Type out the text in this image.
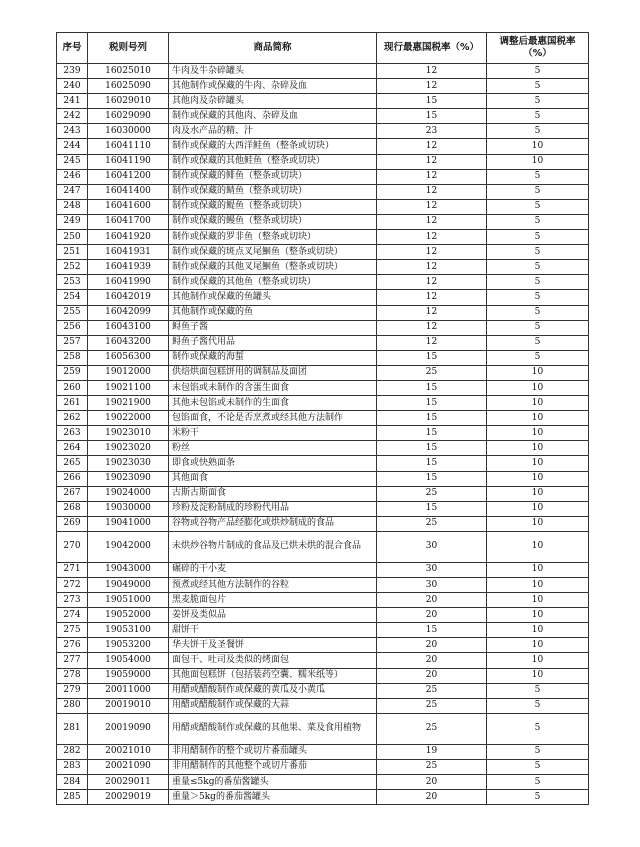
序号	税则号列	商品简称	现行最惠国税率（%）	调整后最惠国税率（%）
239	16025010	牛肉及牛杂碎罐头	12	5
240	16025090	其他制作或保藏的牛肉、杂碎及血	12	5
241	16029010	其他肉及杂碎罐头	15	5
242	16029090	制作或保藏的其他肉、杂碎及血	15	5
243	16030000	肉及水产品的精、汁	23	5
244	16041110	制作或保藏的大西洋鲑鱼（整条或切块）	12	10
245	16041190	制作或保藏的其他鲑鱼（整条或切块）	12	10
246	16041200	制作或保藏的鲱鱼（整条或切块）	12	5
247	16041400	制作或保藏的鲭鱼（整条或切块）	12	5
248	16041600	制作或保藏的鳀鱼（整条或切块）	12	5
249	16041700	制作或保藏的鳗鱼（整条或切块）	12	5
250	16041920	制作或保藏的罗非鱼（整条或切块）	12	5
251	16041931	制作或保藏的斑点叉尾鮰鱼（整条或切块）	12	5
252	16041939	制作或保藏的其他叉尾鮰鱼（整条或切块）	12	5
253	16041990	制作或保藏的其他鱼（整条或切块）	12	5
254	16042019	其他制作或保藏的鱼罐头	12	5
255	16042099	其他制作或保藏的鱼	12	5
256	16043100	鲟鱼子酱	12	5
257	16043200	鲟鱼子酱代用品	12	5
258	16056300	制作或保藏的海蜇	15	5
259	19012000	供焙烘面包糕饼用的调制品及面团	25	10
260	19021100	未包馅或未制作的含蛋生面食	15	10
261	19021900	其他未包馅或未制作的生面食	15	10
262	19022000	包馅面食，不论是否烹煮或经其他方法制作	15	10
263	19023010	米粉干	15	10
264	19023020	粉丝	15	10
265	19023030	即食或快熟面条	15	10
266	19023090	其他面食	15	10
267	19024000	古斯古斯面食	25	10
268	19030000	珍粉及淀粉制成的珍粉代用品	15	10
269	19041000	谷物或谷物产品经膨化或烘炒制成的食品	25	10
270	19042000	未烘炒谷物片制成的食品及已烘未烘的混合食品	30	10
271	19043000	碾碎的干小麦	30	10
272	19049000	预煮或经其他方法制作的谷粒	30	10
273	19051000	黑麦脆面包片	20	10
274	19052000	姜饼及类似品	20	10
275	19053100	甜饼干	15	10
276	19053200	华夫饼干及圣餐饼	20	10
277	19054000	面包干、吐司及类似的烤面包	20	10
278	19059000	其他面包糕饼（包括装药空囊、糯米纸等）	20	10
279	20011000	用醋或醋酸制作或保藏的黄瓜及小黄瓜	25	5
280	20019010	用醋或醋酸制作或保藏的大蒜	25	5
281	20019090	用醋或醋酸制作或保藏的其他果、菜及食用植物	25	5
282	20021010	非用醋制作的整个或切片番茄罐头	19	5
283	20021090	非用醋制作的其他整个或切片番茄	25	5
284	20029011	重量≤5kg的番茄酱罐头	20	5
285	20029019	重量＞5kg的番茄酱罐头	20	5
